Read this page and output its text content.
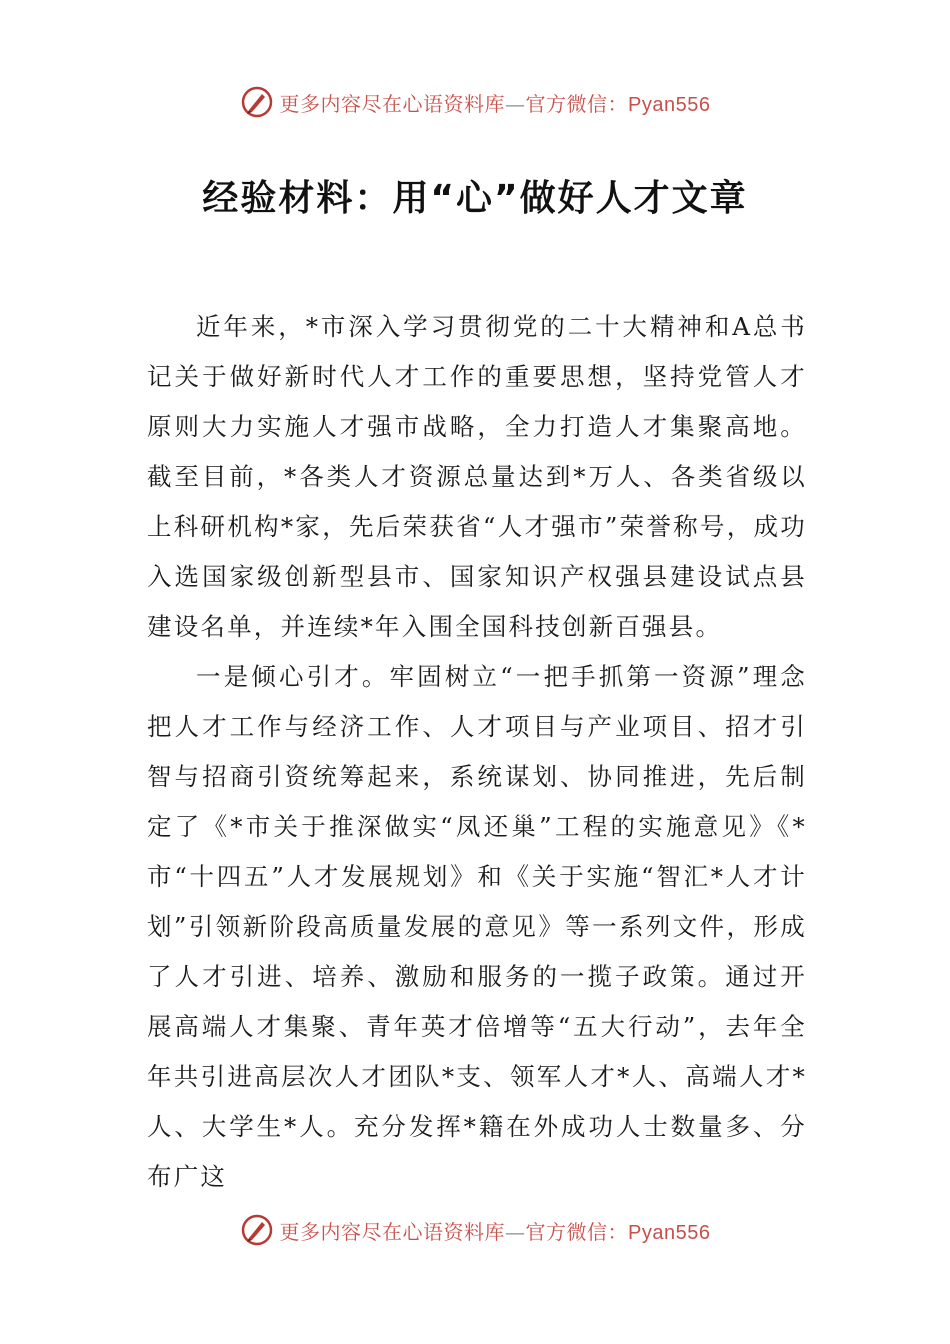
更多内容尽在心语资料库—官方微信：Pyan556
经验材料：用“心”做好人才文章

近年来，*市深入学习贯彻党的二十大精神和A总书记关于做好新时代人才工作的重要思想，坚持党管人才原则大力实施人才强市战略，全力打造人才集聚高地。截至目前，*各类人才资源总量达到*万人、各类省级以上科研机构*家，先后荣获省“人才强市”荣誉称号，成功入选国家级创新型县市、国家知识产权强县建设试点县建设名单，并连续*年入围全国科技创新百强县。

一是倾心引才。牢固树立“一把手抓第一资源”理念把人才工作与经济工作、人才项目与产业项目、招才引智与招商引资统筹起来，系统谋划、协同推进，先后制定了《*市关于推深做实“凤还巢”工程的实施意见》《*市“十四五”人才发展规划》和《关于实施“智汇*人才计划”引领新阶段高质量发展的意见》等一系列文件，形成了人才引进、培养、激励和服务的一揽子政策。通过开展高端人才集聚、青年英才倍增等“五大行动”，去年全年共引进高层次人才团队*支、领军人才*人、高端人才*人、大学生*人。充分发挥*籍在外成功人士数量多、分布广这

更多内容尽在心语资料库—官方微信：Pyan556
